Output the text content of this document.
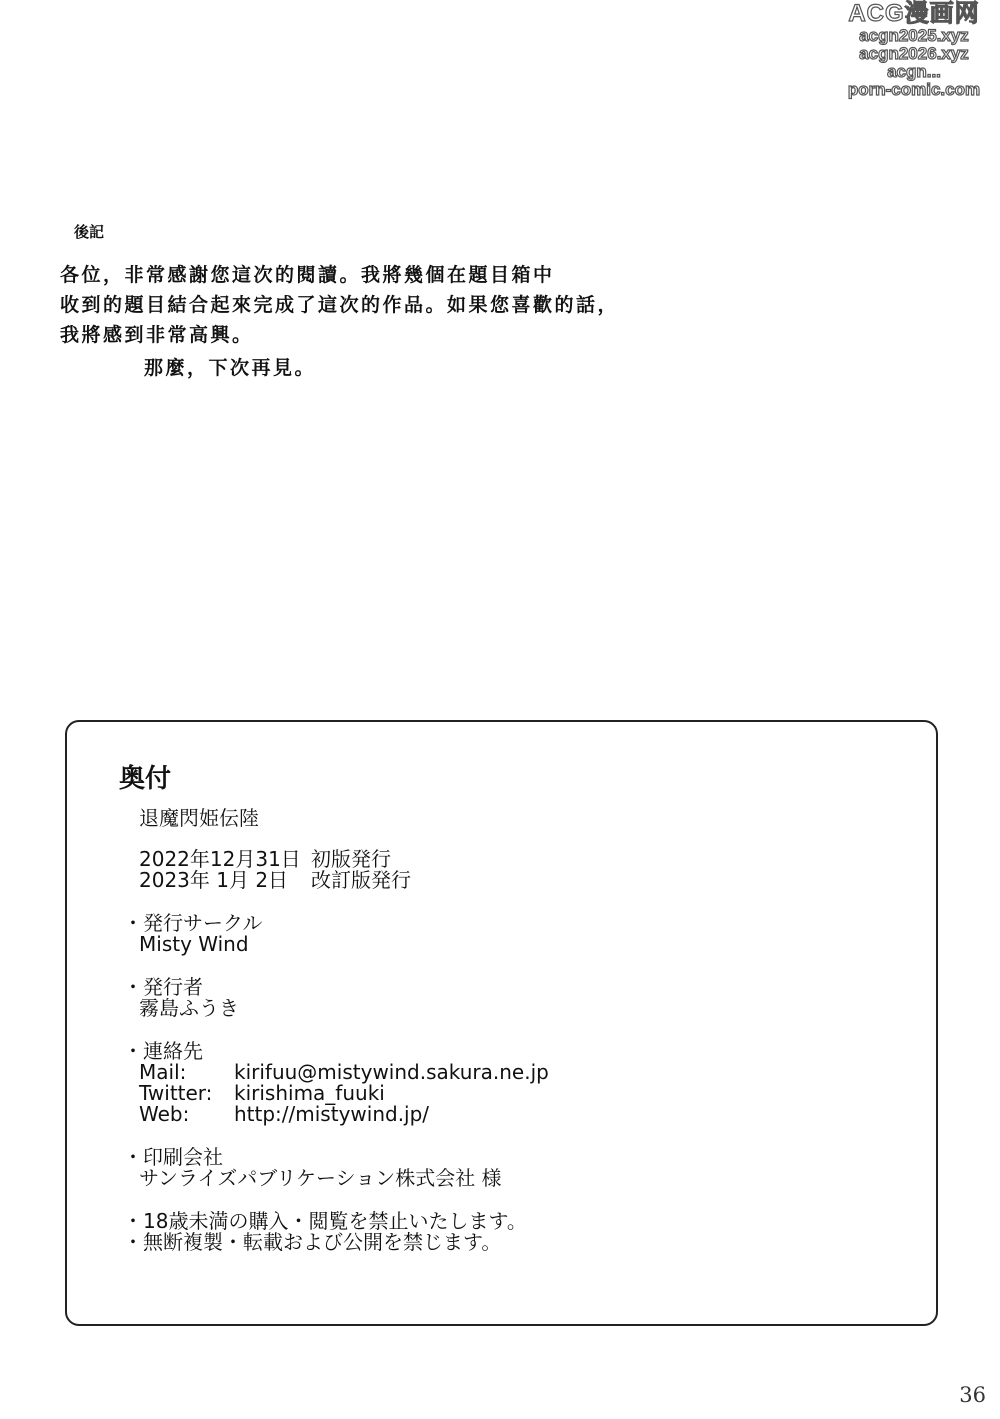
ACG漫画网
acgn2025.xyz
acgn2026.xyz
acgn...
porn-comic.com
後記
各位，非常感謝您這次的閱讀。我將幾個在題目箱中
收到的題目結合起來完成了這次的作品。如果您喜歡的話，
我將感到非常高興。
那麼，下次再見。
奥付
退魔閃姫伝陸
2022年12月31日 初版発行
2023年 1月 2日 改訂版発行
・発行サークル
Misty Wind
・発行者
霧島ふうき
・連絡先
Mail: kirifuu@mistywind.sakura.ne.jp
Twitter: kirishima_fuuki
Web: http://mistywind.jp/
・印刷会社
サンライズパブリケーション株式会社 様
・18歳未満の購入・閲覧を禁止いたします。
・無断複製・転載および公開を禁じます。
36
